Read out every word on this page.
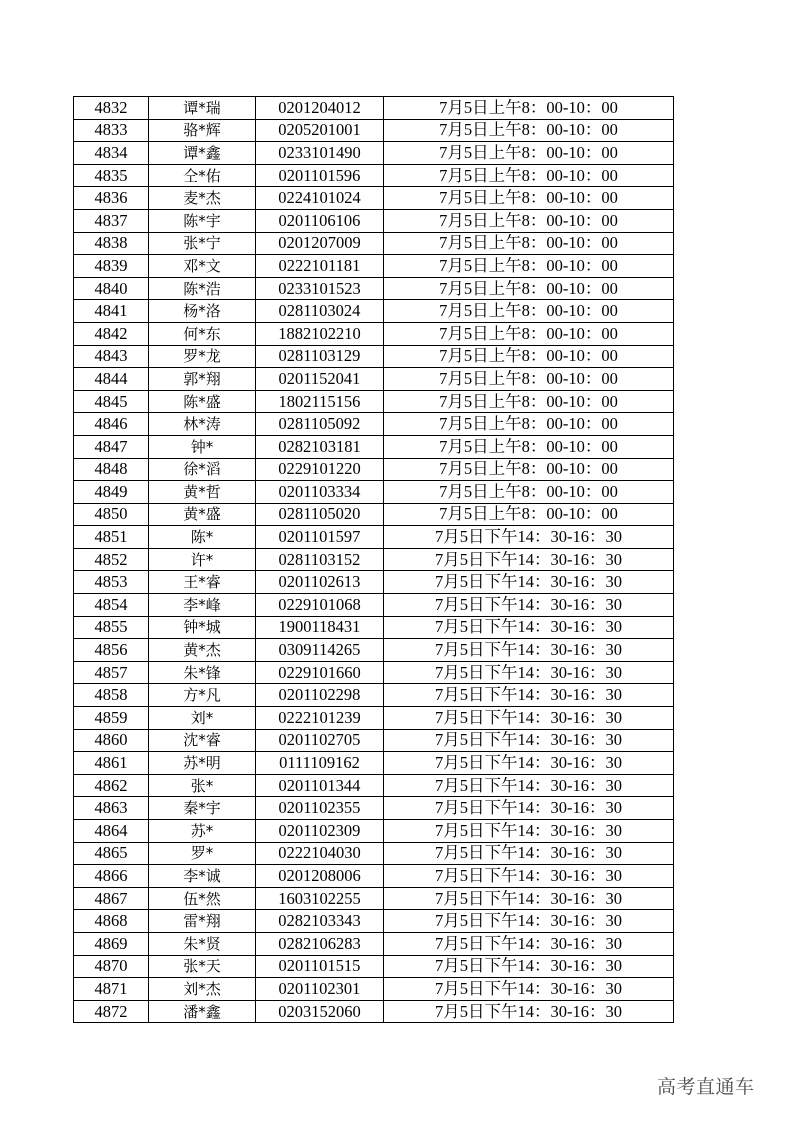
4832	谭*瑞	0201204012	7月5日上午8：00-10：00
4833	骆*辉	0205201001	7月5日上午8：00-10：00
4834	谭*鑫	0233101490	7月5日上午8：00-10：00
4835	仝*佑	0201101596	7月5日上午8：00-10：00
4836	麦*杰	0224101024	7月5日上午8：00-10：00
4837	陈*宇	0201106106	7月5日上午8：00-10：00
4838	张*宁	0201207009	7月5日上午8：00-10：00
4839	邓*文	0222101181	7月5日上午8：00-10：00
4840	陈*浩	0233101523	7月5日上午8：00-10：00
4841	杨*洛	0281103024	7月5日上午8：00-10：00
4842	何*东	1882102210	7月5日上午8：00-10：00
4843	罗*龙	0281103129	7月5日上午8：00-10：00
4844	郭*翔	0201152041	7月5日上午8：00-10：00
4845	陈*盛	1802115156	7月5日上午8：00-10：00
4846	林*涛	0281105092	7月5日上午8：00-10：00
4847	钟*	0282103181	7月5日上午8：00-10：00
4848	徐*滔	0229101220	7月5日上午8：00-10：00
4849	黄*哲	0201103334	7月5日上午8：00-10：00
4850	黄*盛	0281105020	7月5日上午8：00-10：00
4851	陈*	0201101597	7月5日下午14：30-16：30
4852	许*	0281103152	7月5日下午14：30-16：30
4853	王*睿	0201102613	7月5日下午14：30-16：30
4854	李*峰	0229101068	7月5日下午14：30-16：30
4855	钟*城	1900118431	7月5日下午14：30-16：30
4856	黄*杰	0309114265	7月5日下午14：30-16：30
4857	朱*锋	0229101660	7月5日下午14：30-16：30
4858	方*凡	0201102298	7月5日下午14：30-16：30
4859	刘*	0222101239	7月5日下午14：30-16：30
4860	沈*睿	0201102705	7月5日下午14：30-16：30
4861	苏*明	0111109162	7月5日下午14：30-16：30
4862	张*	0201101344	7月5日下午14：30-16：30
4863	秦*宇	0201102355	7月5日下午14：30-16：30
4864	苏*	0201102309	7月5日下午14：30-16：30
4865	罗*	0222104030	7月5日下午14：30-16：30
4866	李*诚	0201208006	7月5日下午14：30-16：30
4867	伍*然	1603102255	7月5日下午14：30-16：30
4868	雷*翔	0282103343	7月5日下午14：30-16：30
4869	朱*贤	0282106283	7月5日下午14：30-16：30
4870	张*天	0201101515	7月5日下午14：30-16：30
4871	刘*杰	0201102301	7月5日下午14：30-16：30
4872	潘*鑫	0203152060	7月5日下午14：30-16：30
高考直通车
